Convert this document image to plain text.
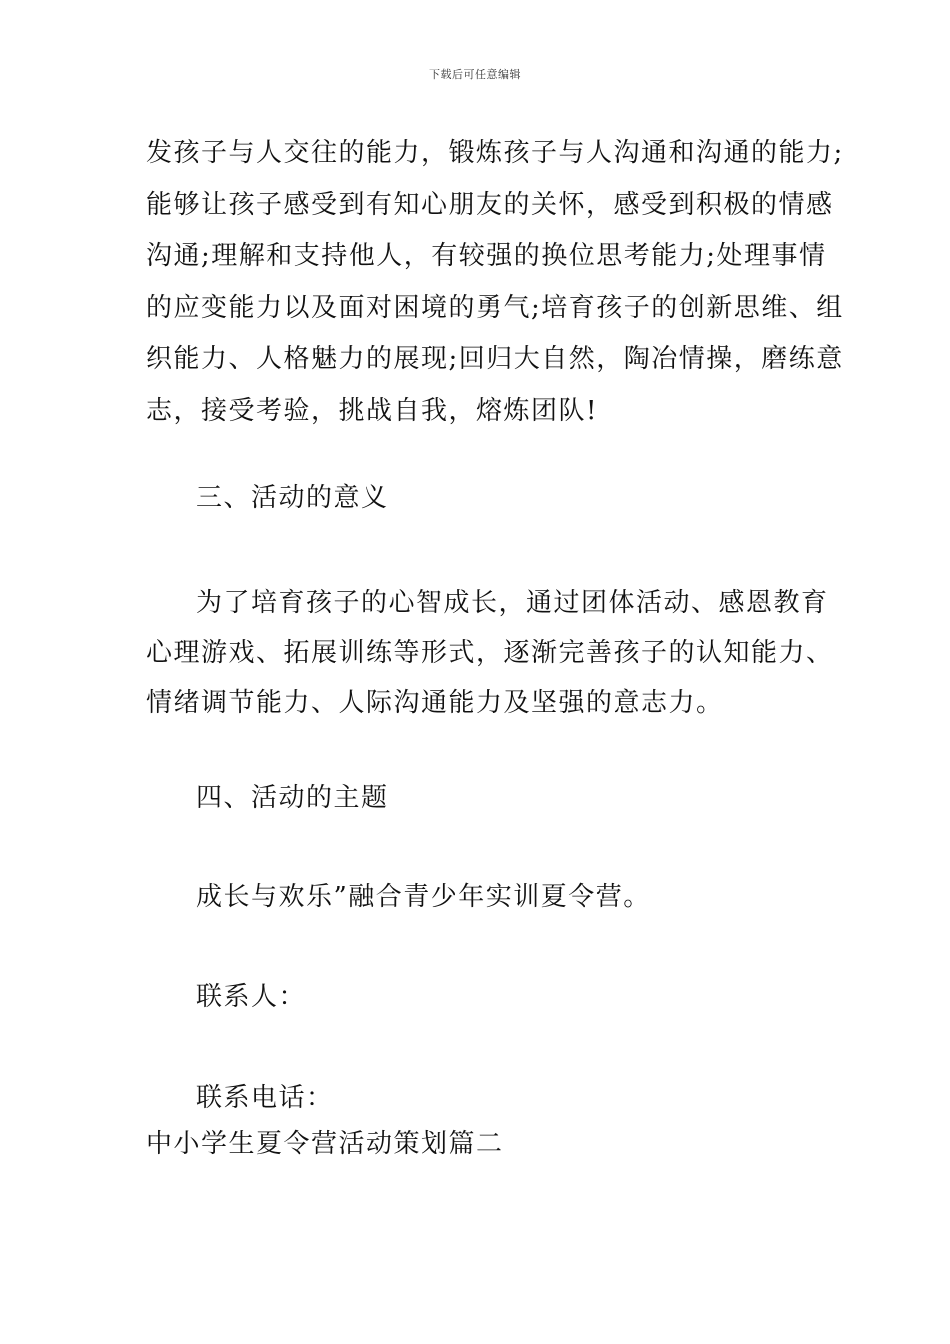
下载后可任意编辑

发孩子与人交往的能力，锻炼孩子与人沟通和沟通的能力;
能够让孩子感受到有知心朋友的关怀，感受到积极的情感
沟通;理解和支持他人，有较强的换位思考能力;处理事情
的应变能力以及面对困境的勇气;培育孩子的创新思维、组
织能力、人格魅力的展现;回归大自然，陶冶情操，磨练意
志，接受考验，挑战自我，熔炼团队!

三、活动的意义

为了培育孩子的心智成长，通过团体活动、感恩教育
心理游戏、拓展训练等形式，逐渐完善孩子的认知能力、
情绪调节能力、人际沟通能力及坚强的意志力。

四、活动的主题
成长与欢乐”融合青少年实训夏令营。
联系人：
联系电话：
中小学生夏令营活动策划篇二
